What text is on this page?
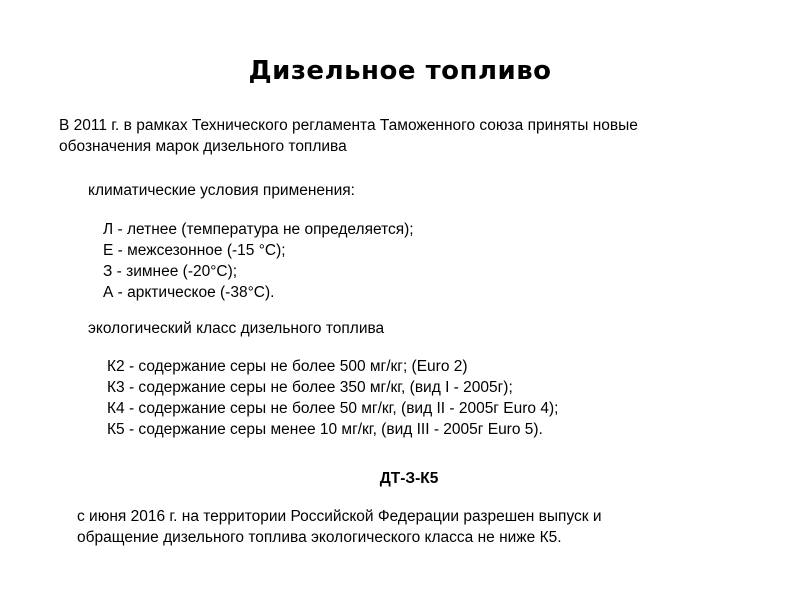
Дизельное топливо
В 2011 г. в рамках Технического регламента Таможенного союза приняты новые
обозначения марок дизельного топлива
климатические условия применения:
Л - летнее (температура не определяется);
Е - межсезонное (-15 °С);
З - зимнее (-20°С);
А - арктическое (-38°С).
экологический класс дизельного топлива
К2 - содержание серы не более 500 мг/кг; (Euro 2)
К3 - содержание серы не более 350 мг/кг, (вид I - 2005г);
К4 - содержание серы не более 50 мг/кг, (вид II - 2005г Euro 4);
К5 - содержание серы менее 10 мг/кг, (вид III - 2005г Euro 5).
ДТ-З-К5
с июня 2016 г. на территории Российской Федерации разрешен выпуск и
обращение дизельного топлива экологического класса не ниже К5.
